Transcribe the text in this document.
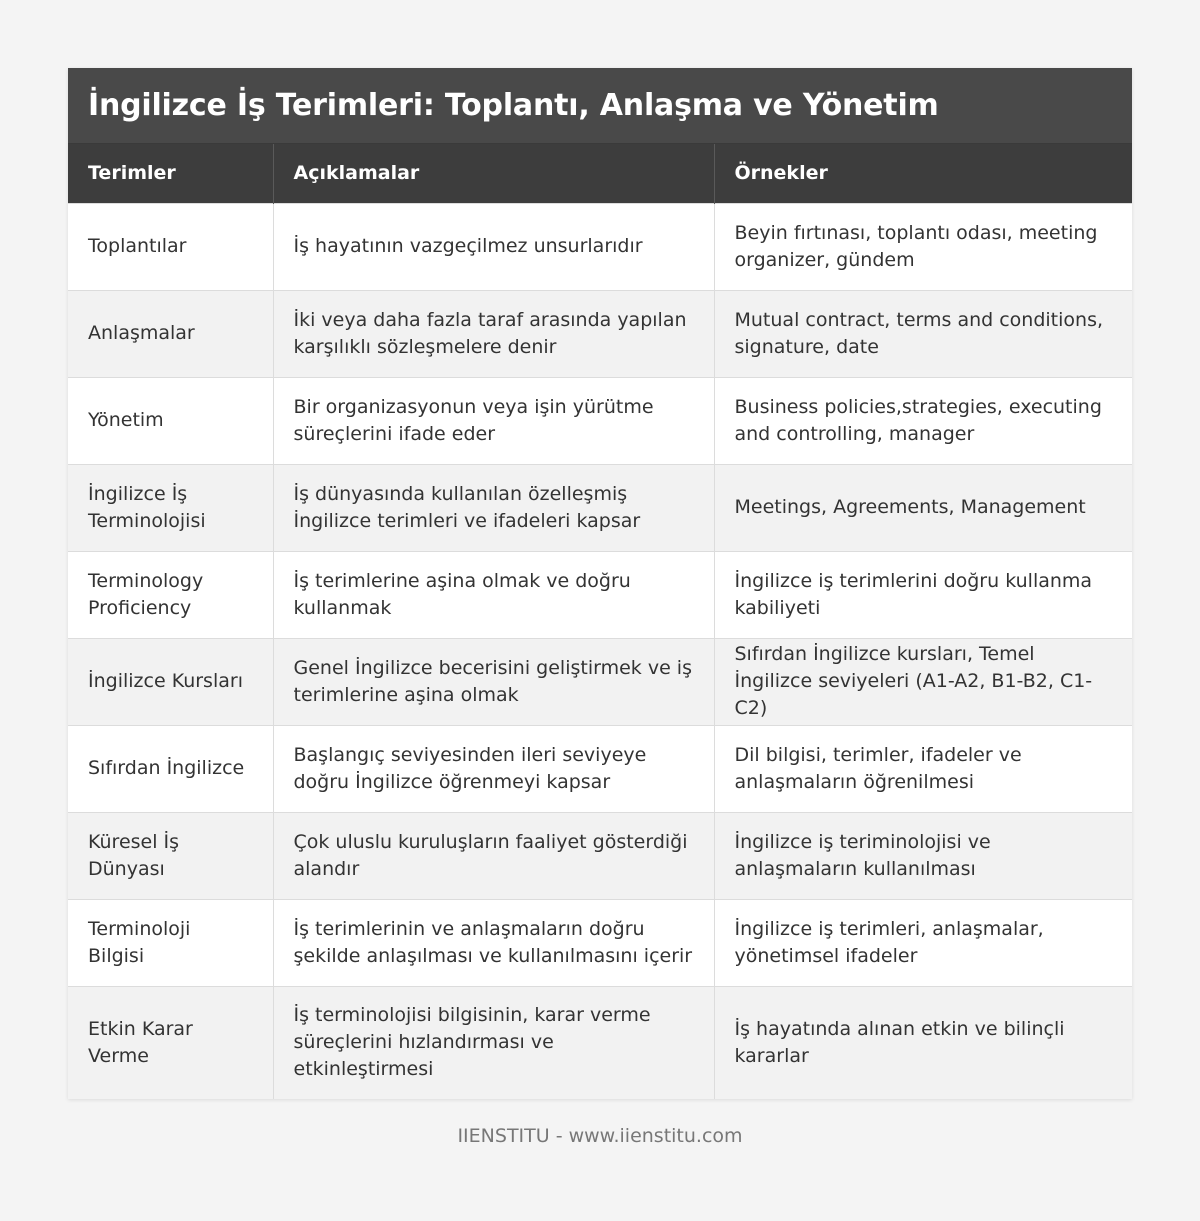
İngilizce İş Terimleri: Toplantı, Anlaşma ve Yönetim
Terimler	Açıklamalar	Örnekler
Toplantılar	İş hayatının vazgeçilmez unsurlarıdır	Beyin fırtınası, toplantı odası, meeting organizer, gündem
Anlaşmalar	İki veya daha fazla taraf arasında yapılan karşılıklı sözleşmelere denir	Mutual contract, terms and conditions, signature, date
Yönetim	Bir organizasyonun veya işin yürütme süreçlerini ifade eder	Business policies,strategies, executing and controlling, manager
İngilizce İş Terminolojisi	İş dünyasında kullanılan özelleşmiş İngilizce terimleri ve ifadeleri kapsar	Meetings, Agreements, Management
Terminology Proficiency	İş terimlerine aşina olmak ve doğru kullanmak	İngilizce iş terimlerini doğru kullanma kabiliyeti
İngilizce Kursları	Genel İngilizce becerisini geliştirmek ve iş terimlerine aşina olmak	Sıfırdan İngilizce kursları, Temel İngilizce seviyeleri (A1-A2, B1-B2, C1-C2)
Sıfırdan İngilizce	Başlangıç seviyesinden ileri seviyeye doğru İngilizce öğrenmeyi kapsar	Dil bilgisi, terimler, ifadeler ve anlaşmaların öğrenilmesi
Küresel İş Dünyası	Çok uluslu kuruluşların faaliyet gösterdiği alandır	İngilizce iş teriminolojisi ve anlaşmaların kullanılması
Terminoloji Bilgisi	İş terimlerinin ve anlaşmaların doğru şekilde anlaşılması ve kullanılmasını içerir	İngilizce iş terimleri, anlaşmalar, yönetimsel ifadeler
Etkin Karar Verme	İş terminolojisi bilgisinin, karar verme süreçlerini hızlandırması ve etkinleştirmesi	İş hayatında alınan etkin ve bilinçli kararlar
IIENSTITU - www.iienstitu.com
